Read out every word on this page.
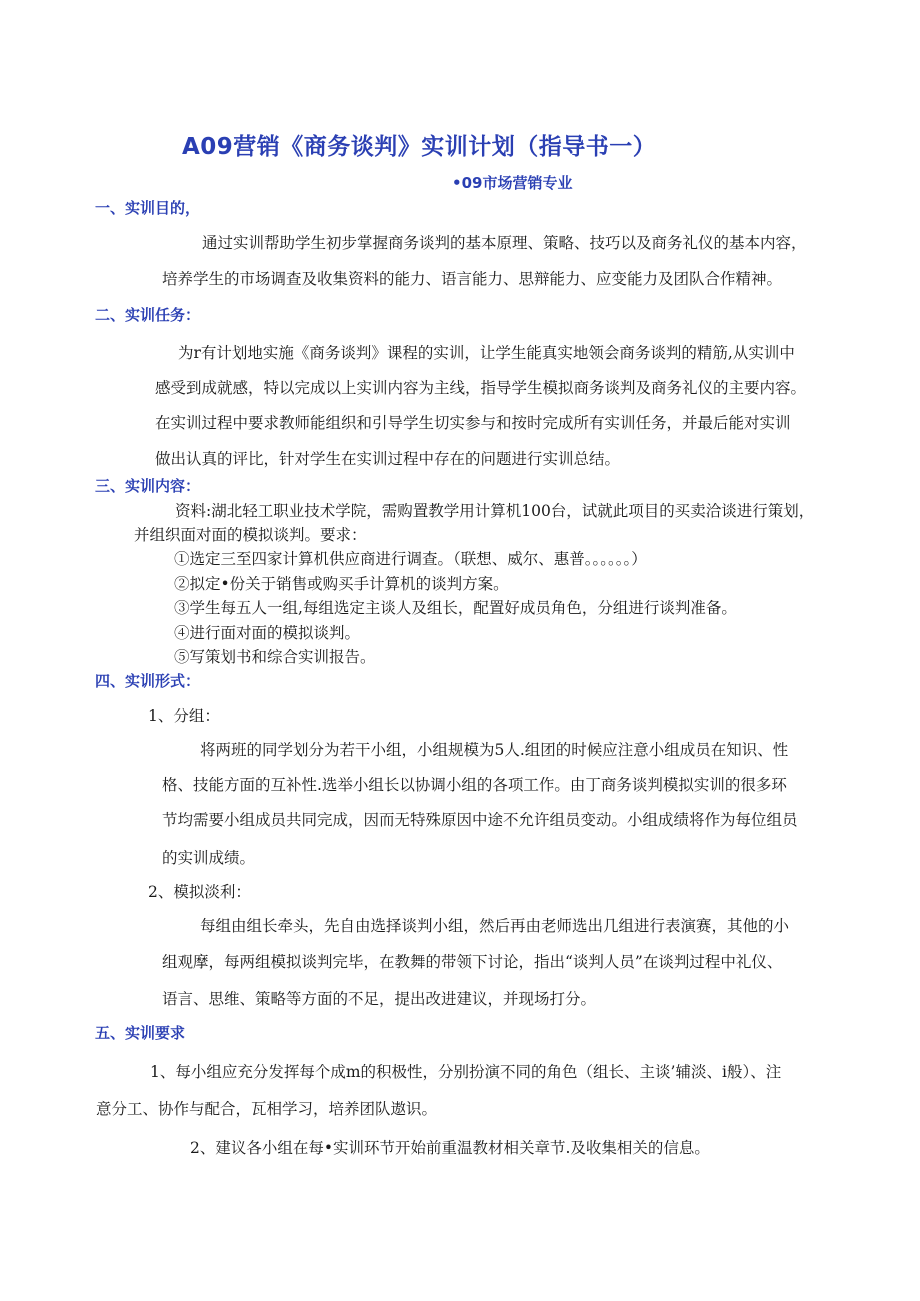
A09营销《商务谈判》实训计划（指导书一）
•09市场营销专业
一、实训目的，
通过实训帮助学生初步掌握商务谈判的基本原理、策略、技巧以及商务礼仪的基本内容，
培养学生的市场调查及收集资料的能力、语言能力、思辩能力、应变能力及团队合作精神。
二、实训任务：
为r有计划地实施《商务谈判》课程的实训，让学生能真实地领会商务谈判的精筋,从实训中
感受到成就感，特以完成以上实训内容为主线，指导学生模拟商务谈判及商务礼仪的主要内容。
在实训过程中要求教师能组织和引导学生切实参与和按时完成所有实训任务，并最后能对实训
做出认真的评比，针对学生在实训过程中存在的问题进行实训总结。
三、实训内容：
资料:湖北轻工职业技术学院，需购置教学用计算机100台，试就此项目的买卖洽谈进行策划，
并组织面对面的模拟谈判。要求：
①选定三至四家计算机供应商进行调查。（联想、威尔、惠普。。。。。。）
②拟定•份关于销售或购买手计算机的谈判方案。
③学生每五人一组,每组选定主谈人及组长，配置好成员角色，分组进行谈判准备。
④进行面对面的模拟谈判。
⑤写策划书和综合实训报告。
四、实训形式：
1、分组：
将两班的同学划分为若干小组，小组规模为5人.组团的时候应注意小组成员在知识、性
格、技能方面的互补性.选举小组长以协调小组的各项工作。由丁商务谈判模拟实训的很多环
节均需要小组成员共同完成，因而无特殊原因中途不允许组员变动。小组成绩将作为每位组员
的实训成绩。
2、模拟淡利：
每组由组长牵头，先自由选择谈判小组，然后再由老师选出几组进行表演赛，其他的小
组观摩，每两组模拟谈判完毕，在教舞的带领下讨论，指出“谈判人员”在谈判过程中礼仪、
语言、思维、策略等方面的不足，提出改进建议，并现场打分。
五、实训要求
1、每小组应充分发挥每个成m的积极性，分别扮演不同的角色（组长、主谈’辅淡、i般）、注
意分工、协作与配合，瓦相学习，培养团队遨识。
2、建议各小组在每•实训环节开始前重温教材相关章节.及收集相关的信息。
